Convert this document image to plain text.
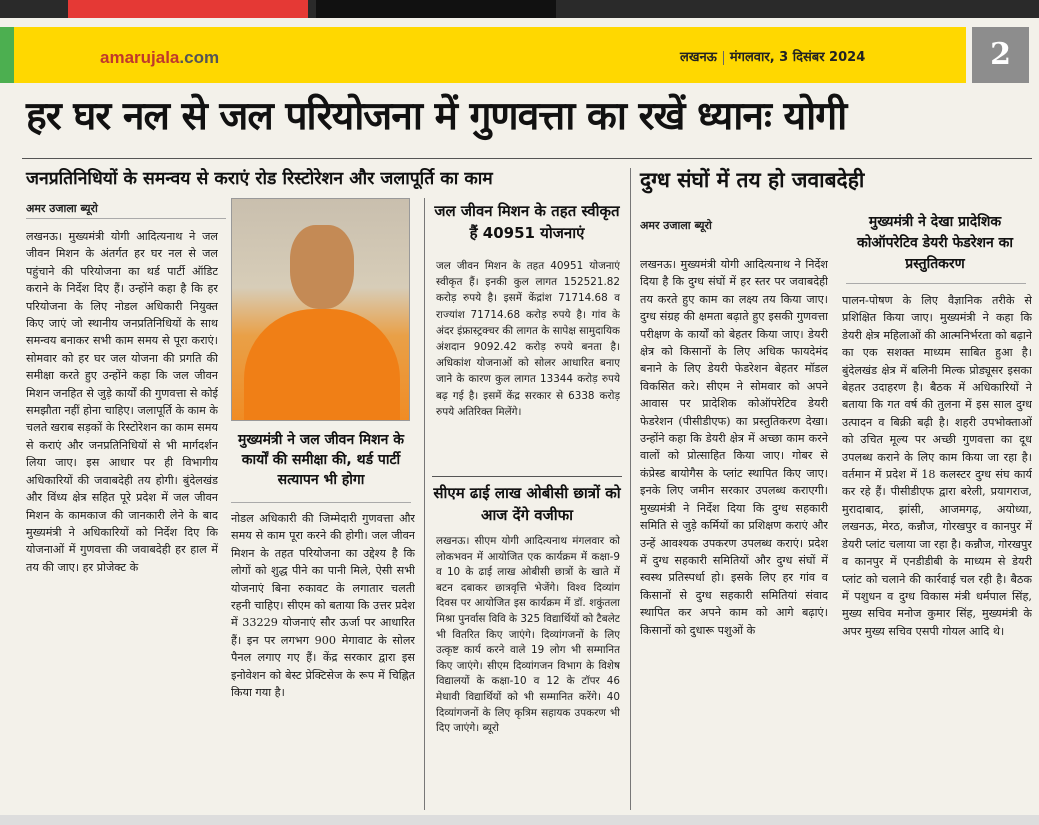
amarujala.com	लखनऊ मंगलवार, 3 दिसंबर 2024	2
हर घर नल से जल परियोजना में गुणवत्ता का रखें ध्यानः योगी
जनप्रतिनिधियों के समन्वय से कराएं रोड रिस्टोरेशन और जलापूर्ति का काम
अमर उजाला ब्यूरो

लखनऊ। मुख्यमंत्री योगी आदित्यनाथ ने जल जीवन मिशन के अंतर्गत हर घर नल से जल पहुंचाने की परियोजना का थर्ड पार्टी ऑडिट कराने के निर्देश दिए हैं। उन्होंने कहा है कि हर परियोजना के लिए नोडल अधिकारी नियुक्त किए जाएं जो स्थानीय जनप्रतिनिधियों के साथ समन्वय बनाकर सभी काम समय से पूरा कराएं। सोमवार को हर घर जल योजना की प्रगति की समीक्षा करते हुए उन्होंने कहा कि जल जीवन मिशन जनहित से जुड़े कार्यों की गुणवत्ता से कोई समझौता नहीं होना चाहिए। जलापूर्ति के काम के चलते खराब सड़कों के रिस्टोरेशन का काम समय से कराएं और जनप्रतिनिधियों से भी मार्गदर्शन लिया जाए। इस आधार पर ही विभागीय अधिकारियों की जवाबदेही तय होगी। बुंदेलखंड और विंध्य क्षेत्र सहित पूरे प्रदेश में जल जीवन मिशन के कामकाज की जानकारी लेने के बाद मुख्यमंत्री ने अधिकारियों को निर्देश दिए कि योजनाओं में गुणवत्ता की जवाबदेही हर हाल में तय की जाए। हर प्रोजेक्ट के

मुख्यमंत्री ने जल जीवन मिशन के कार्यों की समीक्षा की, थर्ड पार्टी सत्यापन भी होगा

नोडल अधिकारी की जिम्मेदारी गुणवत्ता और समय से काम पूरा करने की होगी। जल जीवन मिशन के तहत परियोजना का उद्देश्य है कि लोगों को शुद्ध पीने का पानी मिले, ऐसी सभी योजनाएं बिना रुकावट के लगातार चलती रहनी चाहिए। सीएम को बताया कि उत्तर प्रदेश में 33229 योजनाएं सौर ऊर्जा पर आधारित हैं। इन पर लगभग 900 मेगावाट के सोलर पैनल लगाए गए हैं। केंद्र सरकार द्वारा इस इनोवेशन को बेस्ट प्रेक्टिसेज के रूप में चिह्नित किया गया है।

जल जीवन मिशन के तहत स्वीकृत हैं 40951 योजनाएं

जल जीवन मिशन के तहत 40951 योजनाएं स्वीकृत हैं। इनकी कुल लागत 152521.82 करोड़ रुपये है। इसमें केंद्रांश 71714.68 व राज्यांश 71714.68 करोड़ रुपये है। गांव के अंदर इंफ्रास्ट्रक्चर की लागत के सापेक्ष सामुदायिक अंशदान 9092.42 करोड़ रुपये बनता है। अधिकांश योजनाओं को सोलर आधारित बनाए जाने के कारण कुल लागत 13344 करोड़ रुपये बढ़ गई है। इसमें केंद्र सरकार से 6338 करोड़ रुपये अतिरिक्त मिलेंगे।

सीएम ढाई लाख ओबीसी छात्रों को आज देंगे वजीफा

लखनऊ। सीएम योगी आदित्यनाथ मंगलवार को लोकभवन में आयोजित एक कार्यक्रम में कक्षा-9 व 10 के ढाई लाख ओबीसी छात्रों के खाते में बटन दबाकर छात्रवृत्ति भेजेंगे। विश्व दिव्यांग दिवस पर आयोजित इस कार्यक्रम में डॉ. शकुंतला मिश्रा पुनर्वास विवि के 325 विद्यार्थियों को टैबलेट भी वितरित किए जाएंगे। दिव्यांगजनों के लिए उत्कृष्ट कार्य करने वाले 19 लोग भी सम्मानित किए जाएंगे। सीएम दिव्यांगजन विभाग के विशेष विद्यालयों के कक्षा-10 व 12 के टॉपर 46 मेधावी विद्यार्थियों को भी सम्मानित करेंगे। 40 दिव्यांगजनों के लिए कृत्रिम सहायक उपकरण भी दिए जाएंगे। ब्यूरो

दुग्ध संघों में तय हो जवाबदेही
अमर उजाला ब्यूरो

लखनऊ। मुख्यमंत्री योगी आदित्यनाथ ने निर्देश दिया है कि दुग्ध संघों में हर स्तर पर जवाबदेही तय करते हुए काम का लक्ष्य तय किया जाए। दुग्ध संग्रह की क्षमता बढ़ाते हुए इसकी गुणवत्ता परीक्षण के कार्यों को बेहतर किया जाए। डेयरी क्षेत्र को किसानों के लिए अधिक फायदेमंद बनाने के लिए डेयरी फेडरेशन बेहतर मॉडल विकसित करे। सीएम ने सोमवार को अपने आवास पर प्रादेशिक कोऑपरेटिव डेयरी फेडरेशन (पीसीडीएफ) का प्रस्तुतिकरण देखा। उन्होंने कहा कि डेयरी क्षेत्र में अच्छा काम करने वालों को प्रोत्साहित किया जाए। गोबर से कंप्रेस्ड बायोगैस के प्लांट स्थापित किए जाए। इनके लिए जमीन सरकार उपलब्ध कराएगी। मुख्यमंत्री ने निर्देश दिया कि दुग्ध सहकारी समिति से जुड़े कर्मियों का प्रशिक्षण कराएं और उन्हें आवश्यक उपकरण उपलब्ध कराएं। प्रदेश में दुग्ध सहकारी समितियों और दुग्ध संघों में स्वस्थ प्रतिस्पर्धा हो। इसके लिए हर गांव व किसानों से दुग्ध सहकारी समितियां संवाद स्थापित कर अपने काम को आगे बढ़ाएं। किसानों को दुधारू पशुओं के

मुख्यमंत्री ने देखा प्रादेशिक कोऑपरेटिव डेयरी फेडरेशन का प्रस्तुतिकरण

पालन-पोषण के लिए वैज्ञानिक तरीके से प्रशिक्षित किया जाए। मुख्यमंत्री ने कहा कि डेयरी क्षेत्र महिलाओं की आत्मनिर्भरता को बढ़ाने का एक सशक्त माध्यम साबित हुआ है। बुंदेलखंड क्षेत्र में बलिनी मिल्क प्रोड्यूसर इसका बेहतर उदाहरण है। बैठक में अधिकारियों ने बताया कि गत वर्ष की तुलना में इस साल दुग्ध उत्पादन व बिक्री बढ़ी है। शहरी उपभोक्ताओं को उचित मूल्य पर अच्छी गुणवत्ता का दूध उपलब्ध कराने के लिए काम किया जा रहा है। वर्तमान में प्रदेश में 18 कलस्टर दुग्ध संघ कार्य कर रहे हैं। पीसीडीएफ द्वारा बरेली, प्रयागराज, मुरादाबाद, झांसी, आजमगढ़, अयोध्या, लखनऊ, मेरठ, कन्नौज, गोरखपुर व कानपुर में डेयरी प्लांट चलाया जा रहा है। कन्नौज, गोरखपुर व कानपुर में एनडीडीबी के माध्यम से डेयरी प्लांट को चलाने की कार्रवाई चल रही है। बैठक में पशुधन व दुग्ध विकास मंत्री धर्मपाल सिंह, मुख्य सचिव मनोज कुमार सिंह, मुख्यमंत्री के अपर मुख्य सचिव एसपी गोयल आदि थे।
